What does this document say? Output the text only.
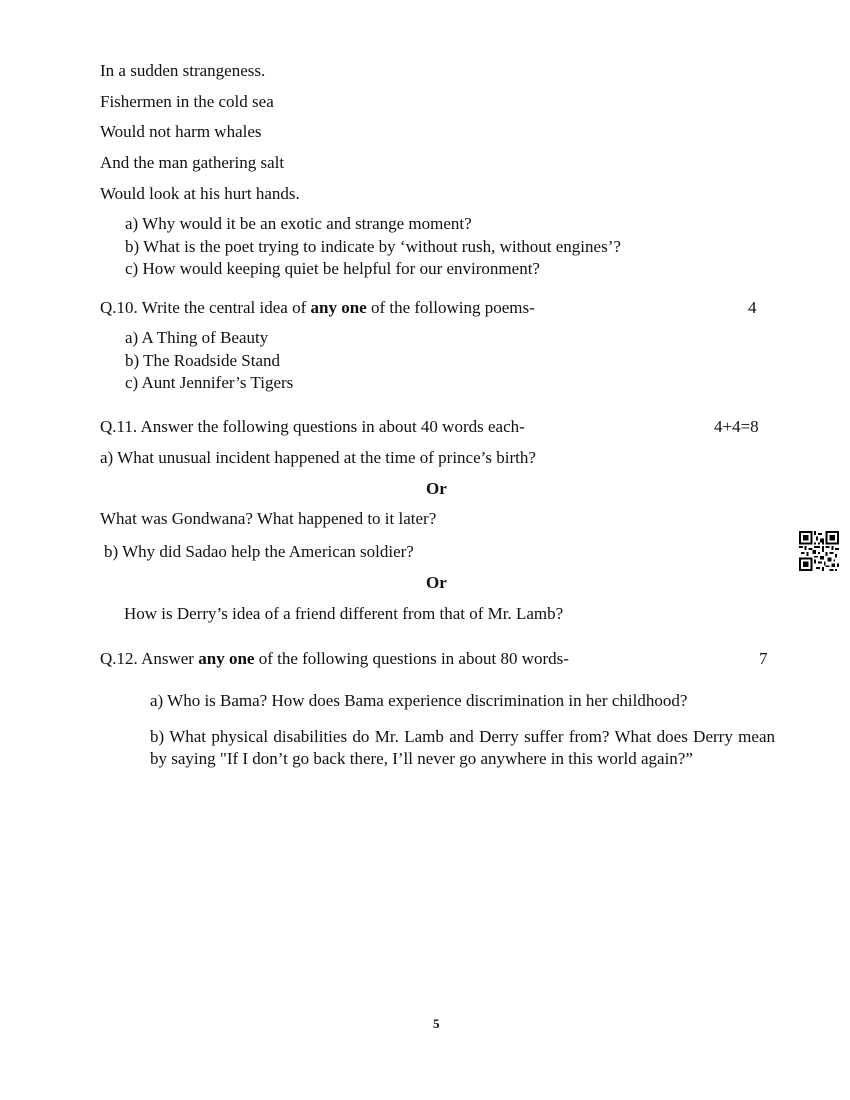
In a sudden strangeness.
Fishermen in the cold sea
Would not harm whales
And the man gathering salt
Would look at his hurt hands.
a) Why would it be an exotic and strange moment?
b) What is the poet trying to indicate by ‘without rush, without engines’?
c) How would keeping quiet be helpful for our environment?
Q.10. Write the central idea of any one of the following poems-	4
a) A Thing of Beauty
b) The Roadside Stand
c) Aunt Jennifer’s Tigers
Q.11. Answer the following questions in about 40 words each-	4+4=8
a) What unusual incident happened at the time of prince’s birth?
Or
What was Gondwana? What happened to it later?
b) Why did Sadao help the American soldier?
Or
How is Derry’s idea of a friend different from that of Mr. Lamb?
Q.12. Answer any one of the following questions in about 80 words-	7
a) Who is Bama? How does Bama experience discrimination in her childhood?
b) What physical disabilities do Mr. Lamb and Derry suffer from? What does Derry mean by saying "If I don’t go back there, I’ll never go anywhere in this world again?”
5
